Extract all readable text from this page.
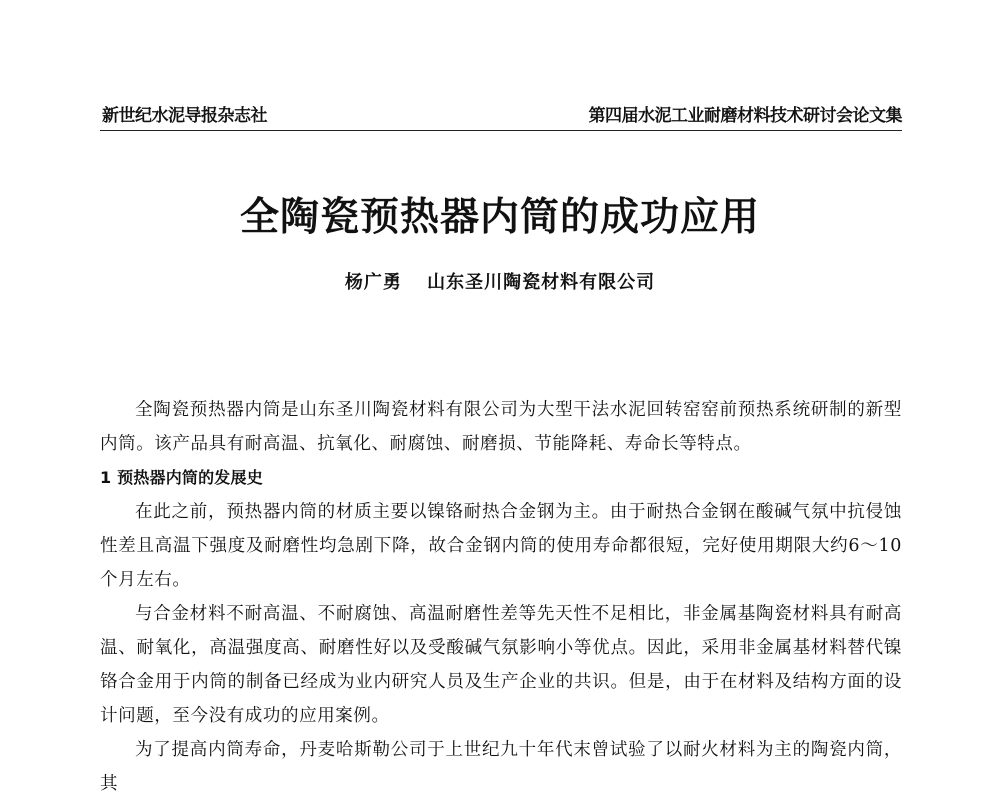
新世纪水泥导报杂志社	第四届水泥工业耐磨材料技术研讨会论文集
全陶瓷预热器内筒的成功应用
杨广勇 山东圣川陶瓷材料有限公司

全陶瓷预热器内筒是山东圣川陶瓷材料有限公司为大型干法水泥回转窑窑前预热系统研制的新型内筒。该产品具有耐高温、抗氧化、耐腐蚀、耐磨损、节能降耗、寿命长等特点。

1 预热器内筒的发展史

在此之前，预热器内筒的材质主要以镍铬耐热合金钢为主。由于耐热合金钢在酸碱气氛中抗侵蚀性差且高温下强度及耐磨性均急剧下降，故合金钢内筒的使用寿命都很短，完好使用期限大约6～10个月左右。

与合金材料不耐高温、不耐腐蚀、高温耐磨性差等先天性不足相比，非金属基陶瓷材料具有耐高温、耐氧化，高温强度高、耐磨性好以及受酸碱气氛影响小等优点。因此，采用非金属基材料替代镍铬合金用于内筒的制备已经成为业内研究人员及生产企业的共识。但是，由于在材料及结构方面的设计问题，至今没有成功的应用案例。

为了提高内筒寿命，丹麦哈斯勒公司于上世纪九十年代末曾试验了以耐火材料为主的陶瓷内筒，其
